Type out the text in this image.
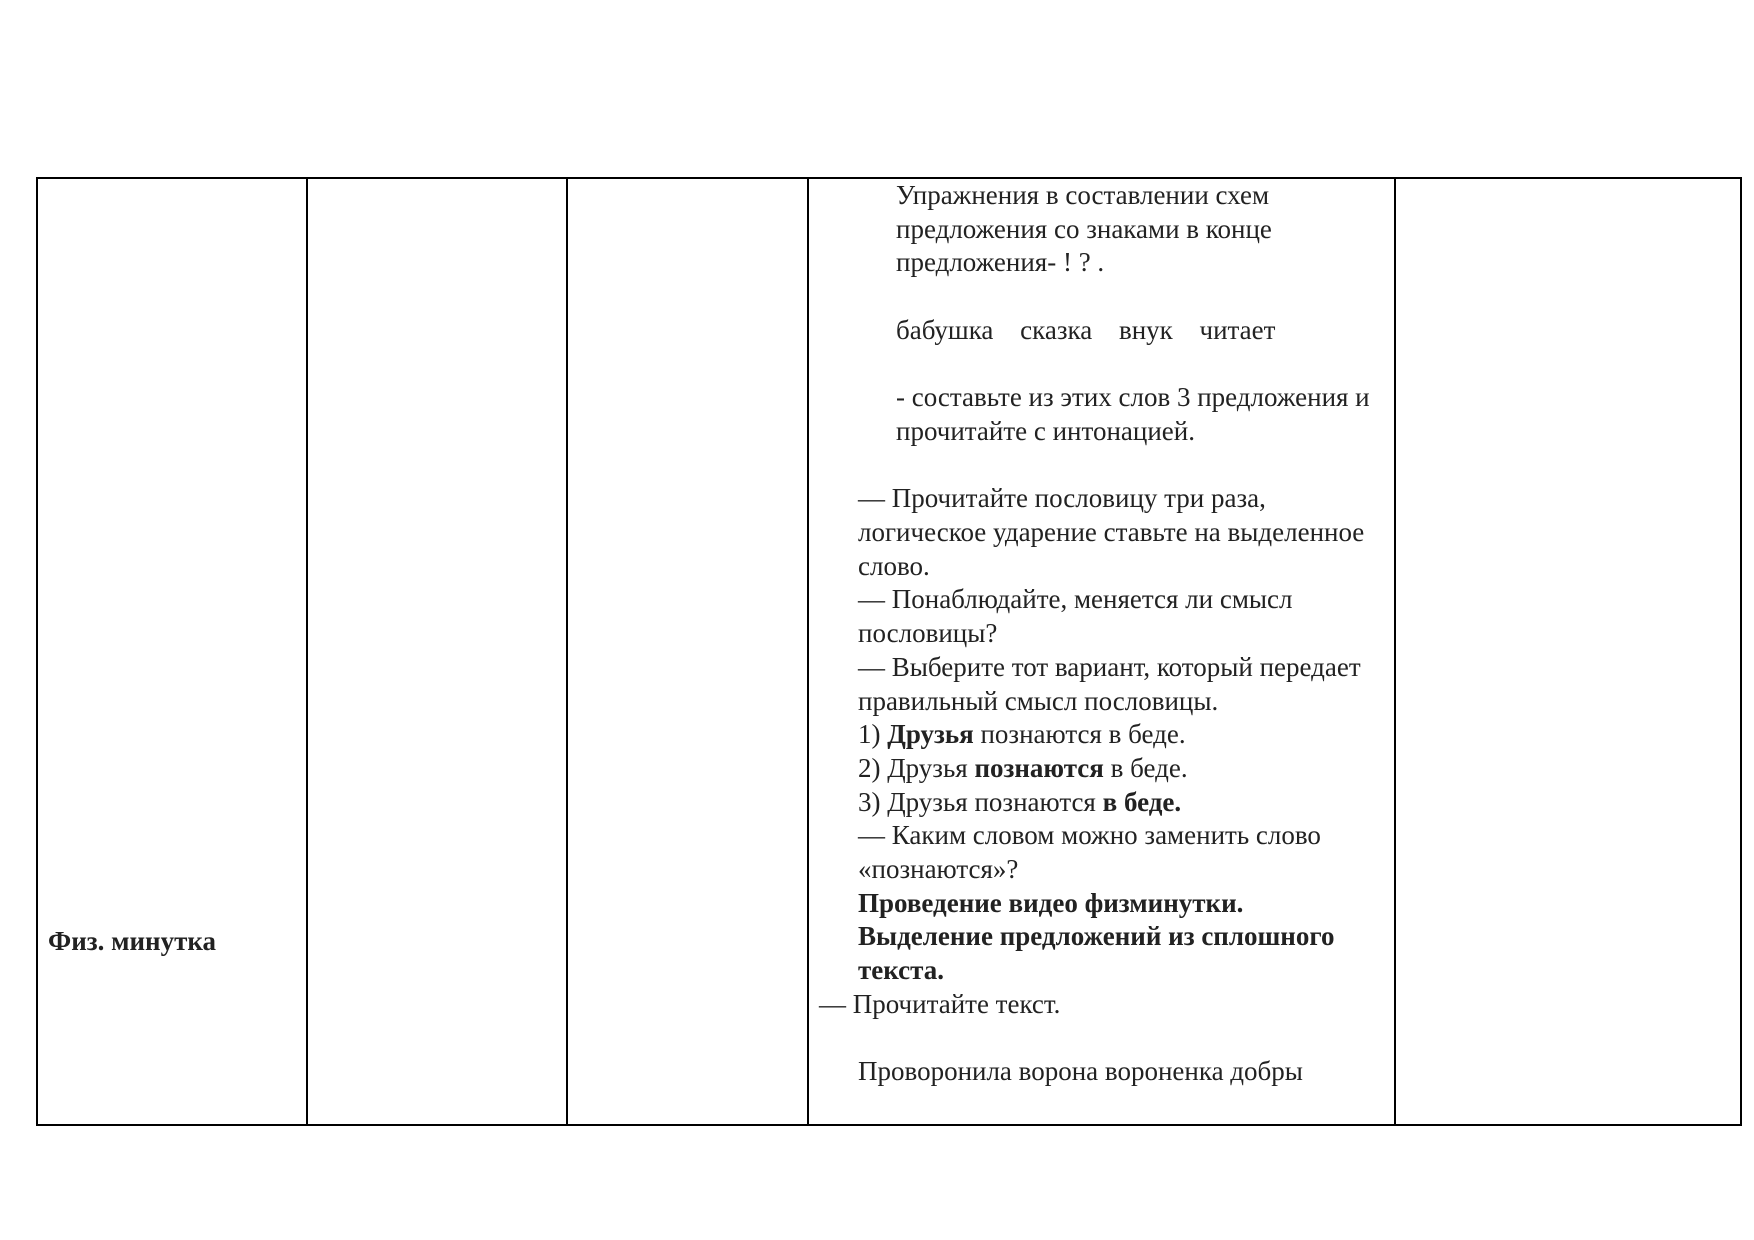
Физ. минутка

Упражнения в составлении схем предложения со знаками в конце предложения- ! ? .

бабушка сказка внук читает

- составьте из этих слов 3 предложения и прочитайте с интонацией.

— Прочитайте пословицу три раза, логическое ударение ставьте на выделенное слово.

— Понаблюдайте, меняется ли смысл пословицы?

— Выберите тот вариант, который передает правильный смысл пословицы.

1) Друзья познаются в беде.

2) Друзья познаются в беде.

3) Друзья познаются в беде.

— Каким словом можно заменить слово «познаются»?

Проведение видео физминутки.

Выделение предложений из сплошного текста.

— Прочитайте текст.

Проворонила ворона вороненка добры
